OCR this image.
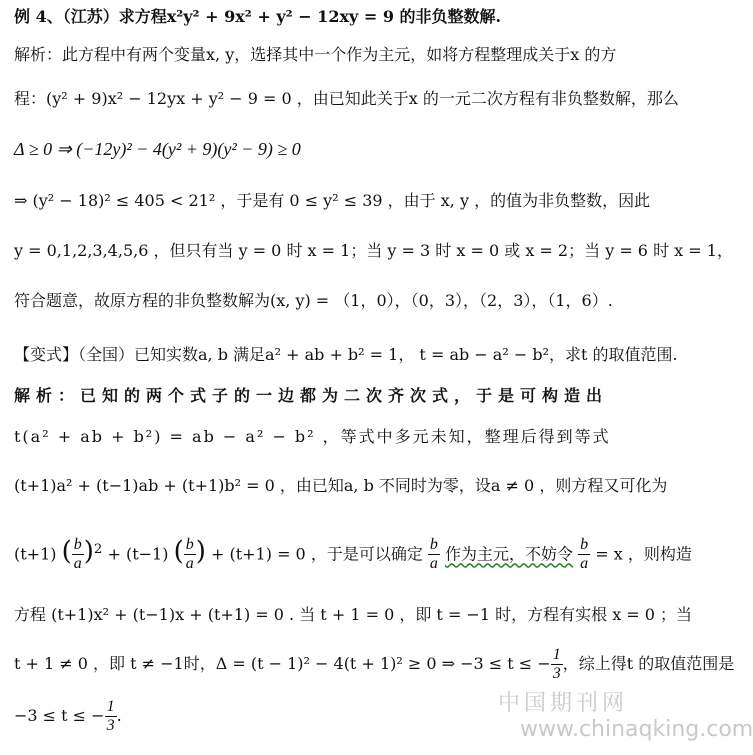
例 4、（江苏）求方程x²y² + 9x² + y² − 12xy = 9 的非负整数解.
解析：此方程中有两个变量x, y，选择其中一个作为主元，如将方程整理成关于x 的方
程：(y² + 9)x² − 12yx + y² − 9 = 0 ，由已知此关于x 的一元二次方程有非负整数解，那么
Δ ≥ 0 ⇒ (−12y)² − 4(y² + 9)(y² − 9) ≥ 0
⇒ (y² − 18)² ≤ 405 < 21² ，于是有 0 ≤ y² ≤ 39 ，由于 x, y ，的值为非负整数，因此
y = 0,1,2,3,4,5,6 ，但只有当 y = 0 时 x = 1；当 y = 3 时 x = 0 或 x = 2；当 y = 6 时 x = 1，
符合题意，故原方程的非负整数解为(x, y) = （1，0），（0，3），（2，3），（1，6）.
【变式】（全国）已知实数a, b 满足a² + ab + b² = 1， t = ab − a² − b²，求t 的取值范围.
解析：已知的两个式子的一边都为二次齐次式，于是可构造出
t(a² + ab + b²) = ab − a² − b² ，等式中多元未知，整理后得到等式
(t+1)a² + (t−1)ab + (t+1)b² = 0 ，由已知a, b 不同时为零，设a ≠ 0 ，则方程又可化为
(t+1) ( $\frac{b}{a} )^2 + (t-1)$ ( $\frac{b}{a}$ ) + (t+1) = 0 ，于是可以确定 $\frac{b}{a}$ 作为主元，不妨令 $\frac{b}{a} = x$ ，则构造
方程 (t+1)x² + (t−1)x + (t+1) = 0 . 当 t + 1 = 0 ，即 t = −1 时，方程有实根 x = 0 ；当
t + 1 ≠ 0 ，即 t ≠ −1时，Δ = (t − 1)² − 4(t + 1)² ≥ 0 ⇒ −3 ≤ t ≤ − $\frac{1}{3}$ ，综上得t 的取值范围是
−3 ≤ t ≤ − $\frac{1}{3}$ .	中国期刊网
www.chinaqking.com
